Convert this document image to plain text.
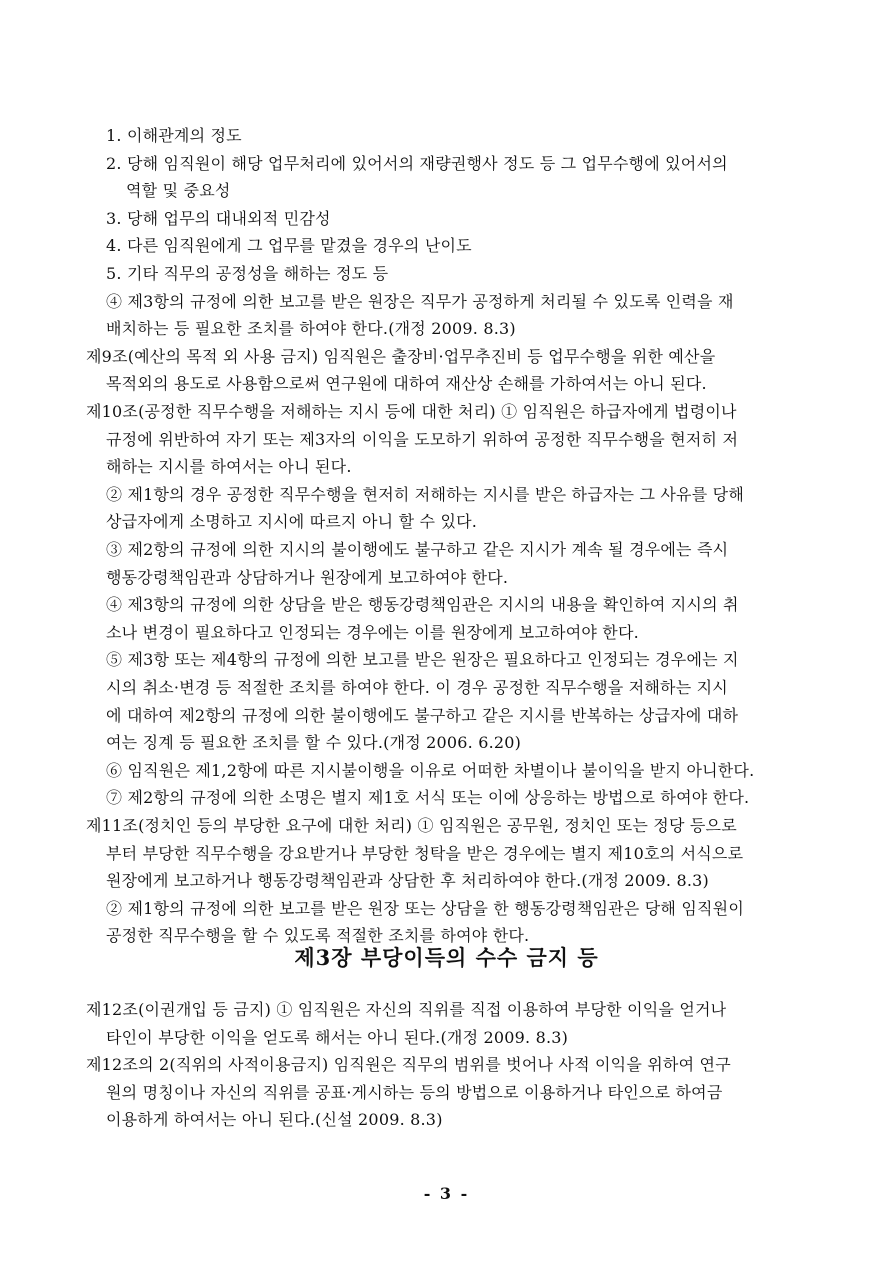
1. 이해관계의 정도
2. 당해 임직원이 해당 업무처리에 있어서의 재량권행사 정도 등 그 업무수행에 있어서의
역할 및 중요성
3. 당해 업무의 대내외적 민감성
4. 다른 임직원에게 그 업무를 맡겼을 경우의 난이도
5. 기타 직무의 공정성을 해하는 정도 등
④ 제3항의 규정에 의한 보고를 받은 원장은 직무가 공정하게 처리될 수 있도록 인력을 재
배치하는 등 필요한 조치를 하여야 한다.(개정 2009. 8.3)
제9조(예산의 목적 외 사용 금지) 임직원은 출장비·업무추진비 등 업무수행을 위한 예산을
목적외의 용도로 사용함으로써 연구원에 대하여 재산상 손해를 가하여서는 아니 된다.
제10조(공정한 직무수행을 저해하는 지시 등에 대한 처리) ① 임직원은 하급자에게 법령이나
규정에 위반하여 자기 또는 제3자의 이익을 도모하기 위하여 공정한 직무수행을 현저히 저
해하는 지시를 하여서는 아니 된다.
② 제1항의 경우 공정한 직무수행을 현저히 저해하는 지시를 받은 하급자는 그 사유를 당해
상급자에게 소명하고 지시에 따르지 아니 할 수 있다.
③ 제2항의 규정에 의한 지시의 불이행에도 불구하고 같은 지시가 계속 될 경우에는 즉시
행동강령책임관과 상담하거나 원장에게 보고하여야 한다.
④ 제3항의 규정에 의한 상담을 받은 행동강령책임관은 지시의 내용을 확인하여 지시의 취
소나 변경이 필요하다고 인정되는 경우에는 이를 원장에게 보고하여야 한다.
⑤ 제3항 또는 제4항의 규정에 의한 보고를 받은 원장은 필요하다고 인정되는 경우에는 지
시의 취소·변경 등 적절한 조치를 하여야 한다. 이 경우 공정한 직무수행을 저해하는 지시
에 대하여 제2항의 규정에 의한 불이행에도 불구하고 같은 지시를 반복하는 상급자에 대하
여는 징계 등 필요한 조치를 할 수 있다.(개정 2006. 6.20)
⑥ 임직원은 제1,2항에 따른 지시불이행을 이유로 어떠한 차별이나 불이익을 받지 아니한다.
⑦ 제2항의 규정에 의한 소명은 별지 제1호 서식 또는 이에 상응하는 방법으로 하여야 한다.
제11조(정치인 등의 부당한 요구에 대한 처리) ① 임직원은 공무원, 정치인 또는 정당 등으로
부터 부당한 직무수행을 강요받거나 부당한 청탁을 받은 경우에는 별지 제10호의 서식으로
원장에게 보고하거나 행동강령책임관과 상담한 후 처리하여야 한다.(개정 2009. 8.3)
② 제1항의 규정에 의한 보고를 받은 원장 또는 상담을 한 행동강령책임관은 당해 임직원이
제3장 부당이득의 수수 금지 등
제12조(이권개입 등 금지) ① 임직원은 자신의 직위를 직접 이용하여 부당한 이익을 얻거나
타인이 부당한 이익을 얻도록 해서는 아니 된다.(개정 2009. 8.3)
제12조의 2(직위의 사적이용금지) 임직원은 직무의 범위를 벗어나 사적 이익을 위하여 연구
원의 명칭이나 자신의 직위를 공표·게시하는 등의 방법으로 이용하거나 타인으로 하여금
이용하게 하여서는 아니 된다.(신설 2009. 8.3)
공정한 직무수행을 할 수 있도록 적절한 조치를 하여야 한다.
- 3 -
